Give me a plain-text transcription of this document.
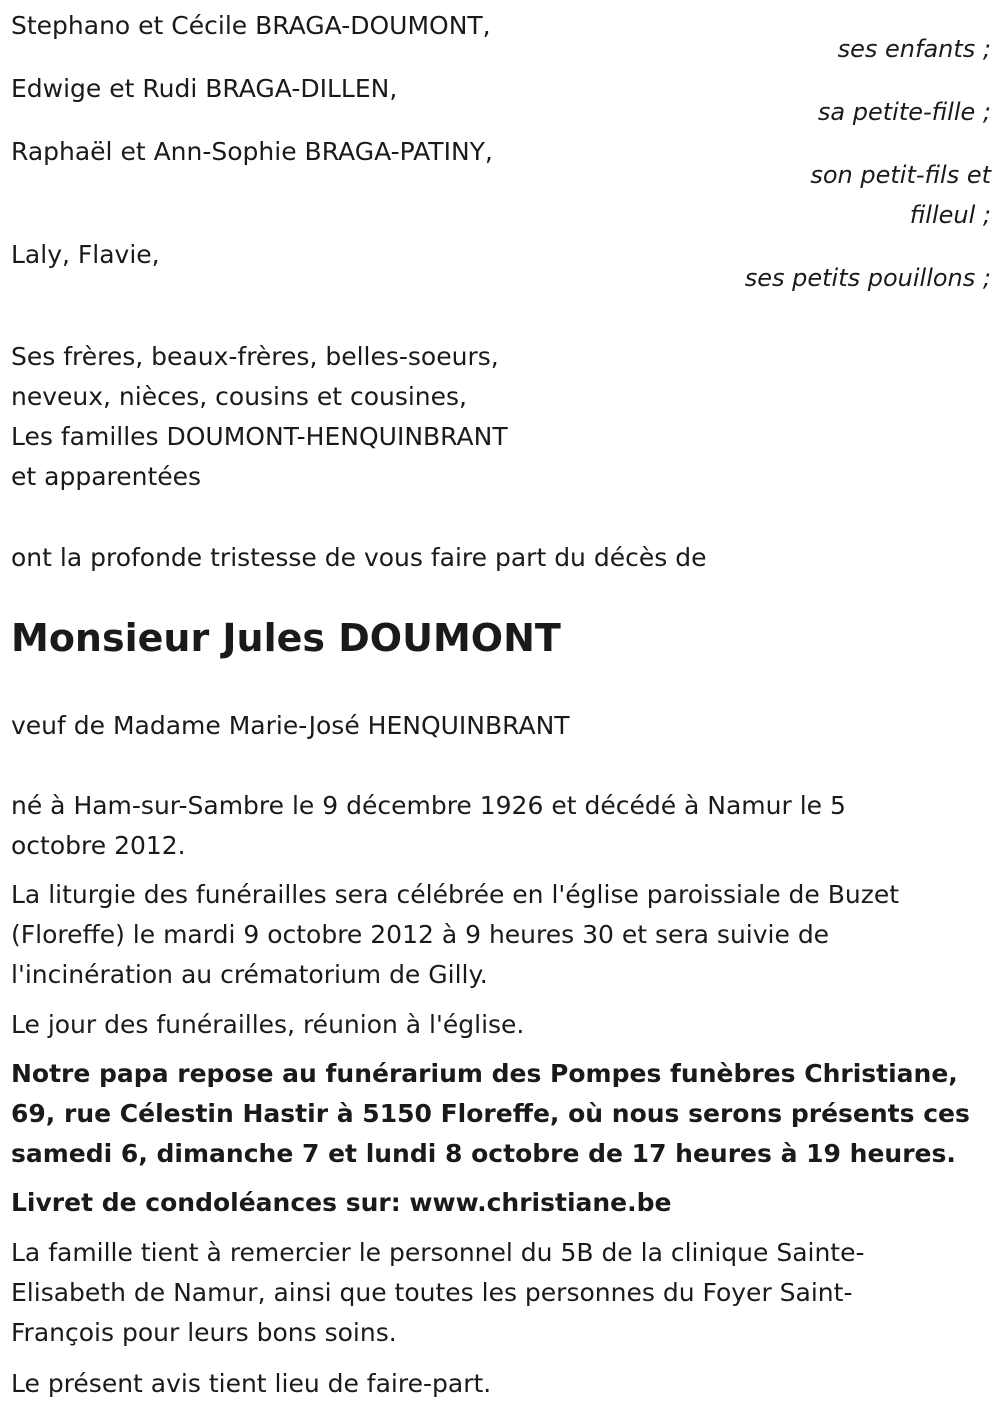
Stephano et Cécile BRAGA-DOUMONT,
ses enfants ;
Edwige et Rudi BRAGA-DILLEN,
sa petite-fille ;
Raphaël et Ann-Sophie BRAGA-PATINY,
son petit-fils et filleul ;
Laly, Flavie,
ses petits pouillons ;

Ses frères, beaux-frères, belles-soeurs,

neveux, nièces, cousins et cousines,

Les familles DOUMONT-HENQUINBRANT

et apparentées

ont la profonde tristesse de vous faire part du décès de
Monsieur Jules DOUMONT
veuf de Madame Marie-José HENQUINBRANT
né à Ham-sur-Sambre le 9 décembre 1926 et décédé à Namur le 5 octobre 2012.
La liturgie des funérailles sera célébrée en l'église paroissiale de Buzet (Floreffe) le mardi 9 octobre 2012 à 9 heures 30 et sera suivie de l'incinération au crématorium de Gilly.
Le jour des funérailles, réunion à l'église.
Notre papa repose au funérarium des Pompes funèbres Christiane, 69, rue Célestin Hastir à 5150 Floreffe, où nous serons présents ces samedi 6, dimanche 7 et lundi 8 octobre de 17 heures à 19 heures.
Livret de condoléances sur: www.christiane.be
La famille tient à remercier le personnel du 5B de la clinique Sainte-Elisabeth de Namur, ainsi que toutes les personnes du Foyer Saint-François pour leurs bons soins.
Le présent avis tient lieu de faire-part.
